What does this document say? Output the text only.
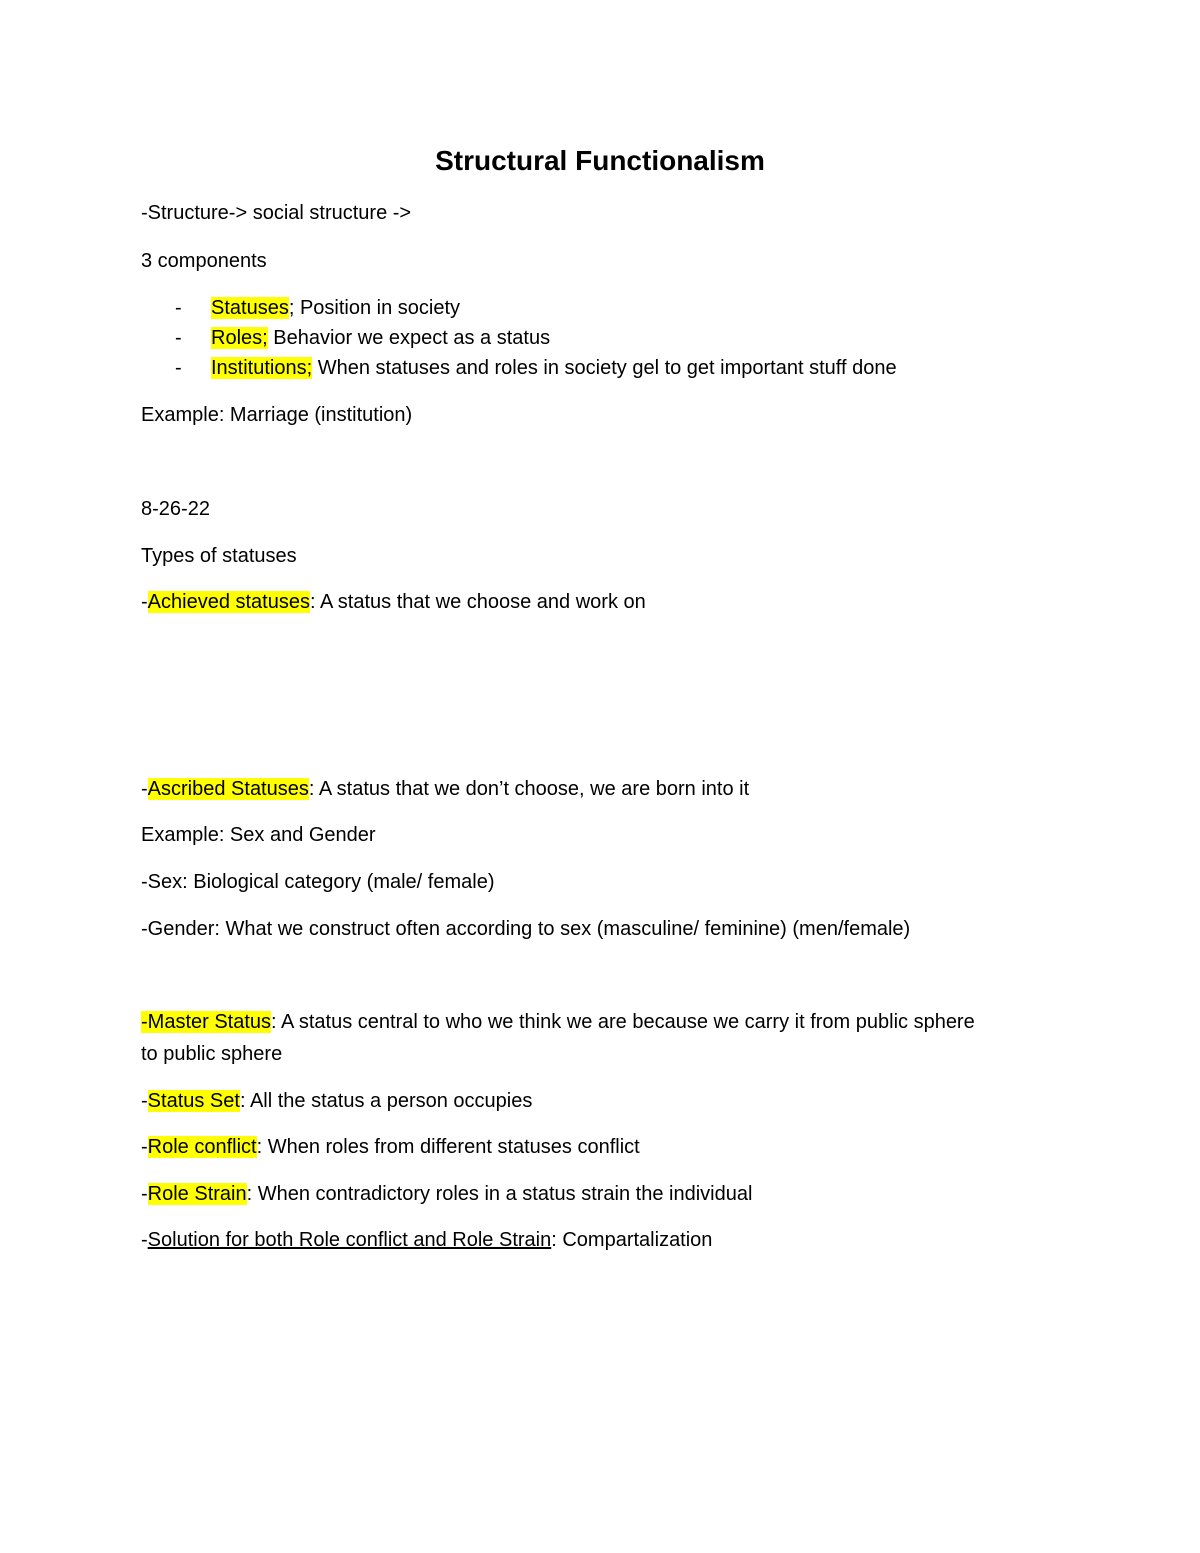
Structural Functionalism
-Structure-> social structure ->
3 components
- Statuses; Position in society
- Roles; Behavior we expect as a status
- Institutions; When statuses and roles in society gel to get important stuff done
Example: Marriage (institution)
8-26-22
Types of statuses
-Achieved statuses: A status that we choose and work on
-Ascribed Statuses: A status that we don’t choose, we are born into it
Example: Sex and Gender
-Sex: Biological category (male/ female)
-Gender: What we construct often according to sex (masculine/ feminine) (men/female)
-Master Status: A status central to who we think we are because we carry it from public sphere
to public sphere
-Status Set: All the status a person occupies
-Role conflict: When roles from different statuses conflict
-Role Strain: When contradictory roles in a status strain the individual
-Solution for both Role conflict and Role Strain: Compartalization
